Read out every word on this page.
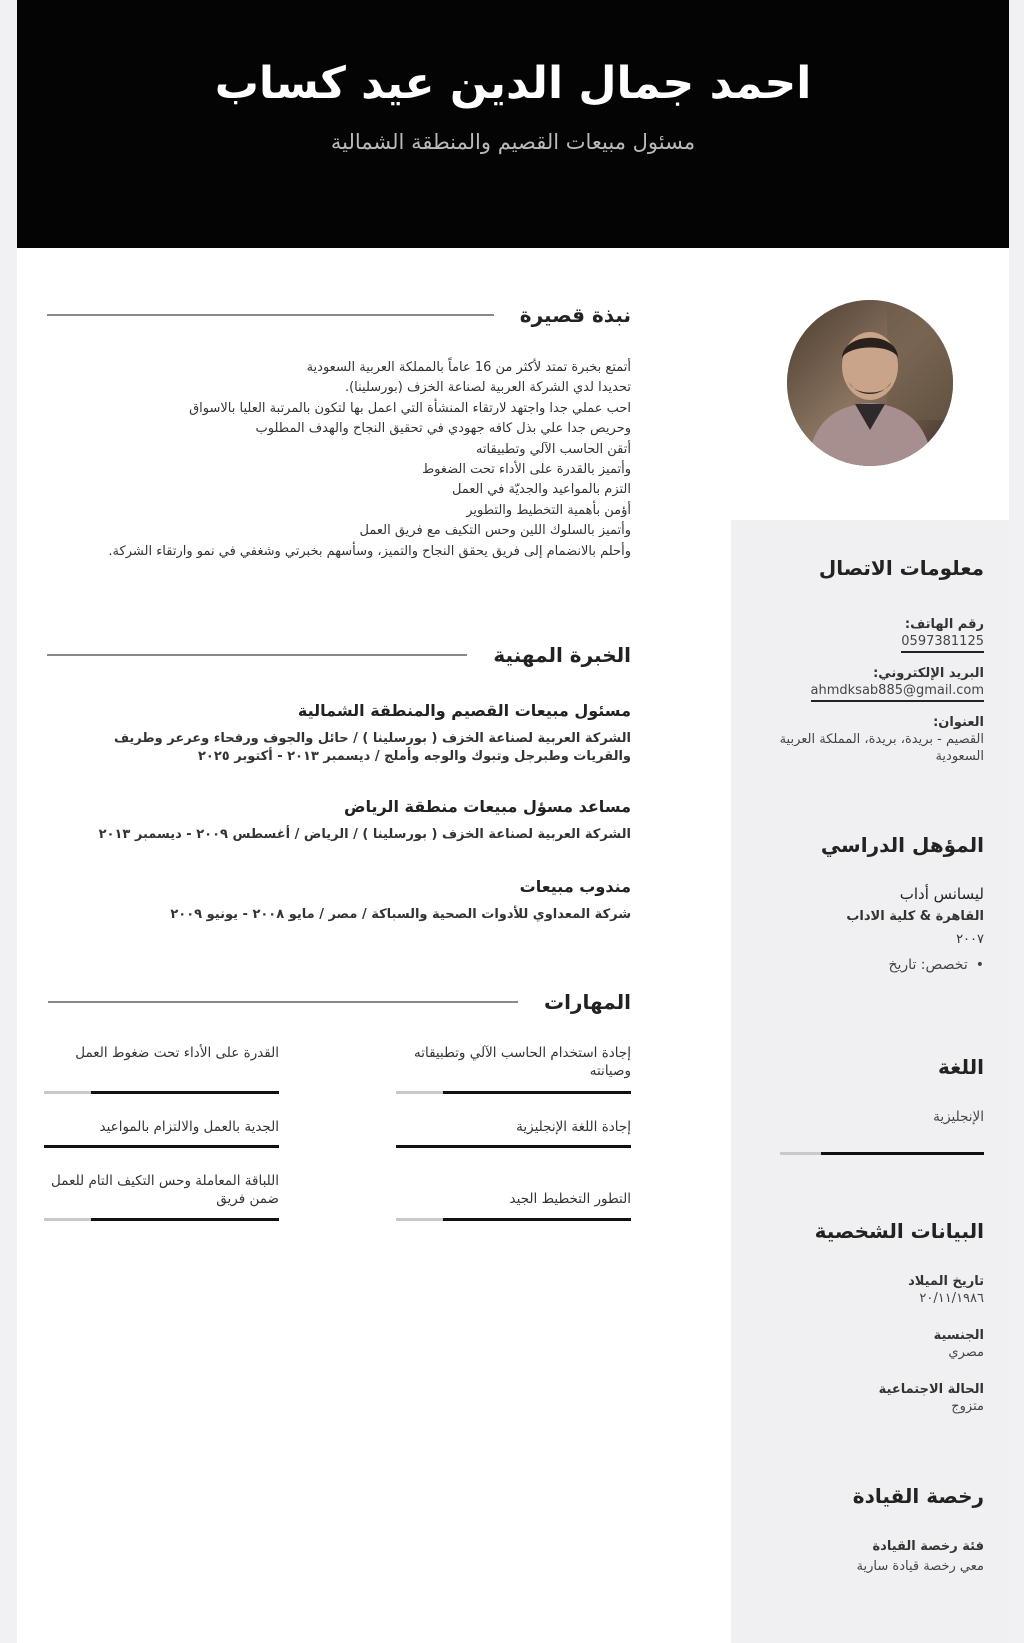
احمد جمال الدين عيد كساب
مسئول مبيعات القصيم والمنطقة الشمالية
نبذة قصيرة
أتمتع بخبرة تمتد لأكثر من 16 عاماً بالمملكة العربية السعودية
تحديدا لدي الشركة العربية لصناعة الخزف (بورسلينا).
احب عملي جدا واجتهد لارتقاء المنشأة التي اعمل بها لتكون بالمرتبة العليا بالاسواق
وحريص جدا علي بذل كافه جهودي في تحقيق النجاح والهدف المطلوب
أتقن الحاسب الآلي وتطبيقاته
وأتميز بالقدرة على الأداء تحت الضغوط
التزم بالمواعيد والجديّة في العمل
أؤمن بأهمية التخطيط والتطوير
وأتميز بالسلوك اللين وحس التكيف مع فريق العمل
وأحلم بالانضمام إلى فريق يحقق النجاح والتميز، وسأسهم بخبرتي وشغفي في نمو وارتقاء الشركة.
الخبرة المهنية
مسئول مبيعات القصيم والمنطقة الشمالية
الشركة العربية لصناعة الخزف ( بورسلينا ) / حائل والجوف ورفحاء وعرعر وطريف والقريات وطبرجل وتبوك والوجه وأملج / ديسمبر ٢٠١٣ - أكتوبر ٢٠٢٥
مساعد مسؤل مبيعات منطقة الرياض
الشركة العربية لصناعة الخزف ( بورسلينا ) / الرياض / أغسطس ٢٠٠٩ - ديسمبر ٢٠١٣
مندوب مبيعات
شركة المعداوي للأدوات الصحية والسباكة / مصر / مايو ٢٠٠٨ - يونيو ٢٠٠٩
المهارات
إجادة استخدام الحاسب الآلي وتطبيقاته وصيانته
إجادة اللغة الإنجليزية
التطور التخطيط الجيد
القدرة على الأداء تحت ضغوط العمل
الجدية بالعمل والالتزام بالمواعيد
اللباقة المعاملة وحس التكيف التام للعمل ضمن فريق
معلومات الاتصال
رقم الهاتف:
0597381125
البريد الإلكتروني:
ahmdksab885@gmail.com
العنوان:
القصيم - بريدة، بريدة، المملكة العربية السعودية
المؤهل الدراسي
ليسانس أداب
القاهرة & كلية الاداب
٢٠٠٧
• تخصص: تاريخ
اللغة
الإنجليزية
البيانات الشخصية
تاريخ الميلاد
٢٠/١١/١٩٨٦
الجنسية
مصري
الحالة الاجتماعية
متزوج
رخصة القيادة
فئة رخصة القيادة
معي رخصة قيادة سارية
